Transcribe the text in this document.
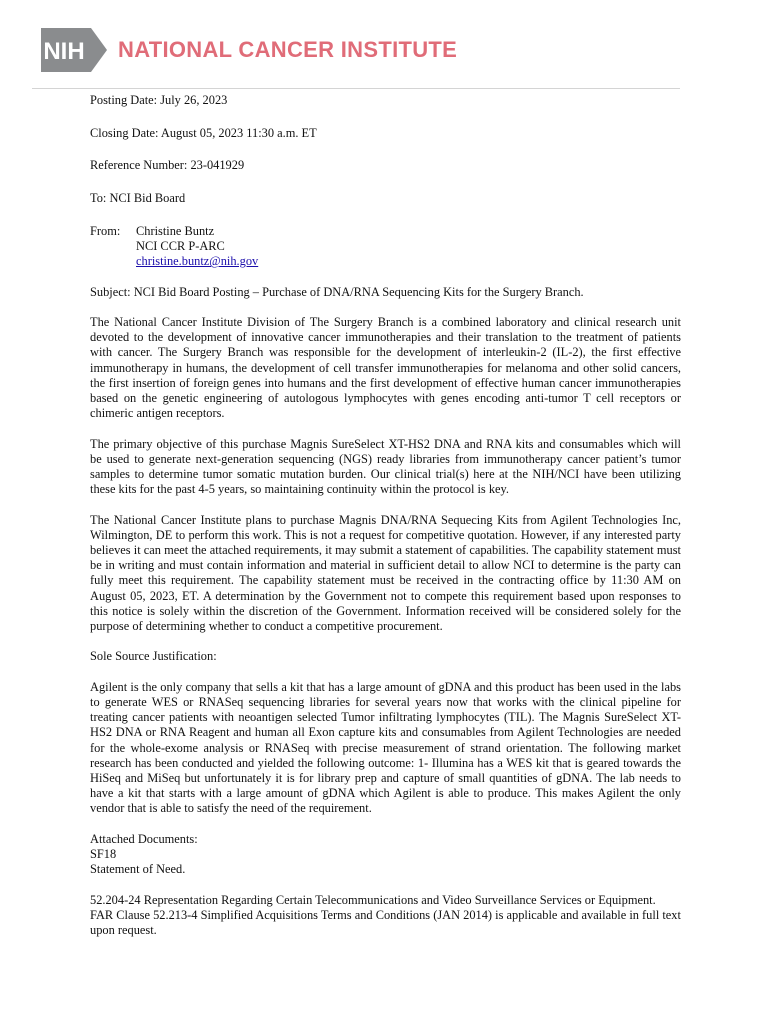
NIH NATIONAL CANCER INSTITUTE
Posting Date: July 26, 2023
Closing Date: August 05, 2023 11:30 a.m. ET
Reference Number: 23-041929
To: NCI Bid Board
From:	Christine Buntz
NCI CCR P-ARC
christine.buntz@nih.gov
Subject: NCI Bid Board Posting – Purchase of DNA/RNA Sequencing Kits for the Surgery Branch.

The National Cancer Institute Division of The Surgery Branch is a combined laboratory and clinical research unit devoted to the development of innovative cancer immunotherapies and their translation to the treatment of patients with cancer. The Surgery Branch was responsible for the development of interleukin-2 (IL-2), the first effective immunotherapy in humans, the development of cell transfer immunotherapies for melanoma and other solid cancers, the first insertion of foreign genes into humans and the first development of effective human cancer immunotherapies based on the genetic engineering of autologous lymphocytes with genes encoding anti-tumor T cell receptors or chimeric antigen receptors.

The primary objective of this purchase Magnis SureSelect XT-HS2 DNA and RNA kits and consumables which will be used to generate next-generation sequencing (NGS) ready libraries from immunotherapy cancer patient’s tumor samples to determine tumor somatic mutation burden. Our clinical trial(s) here at the NIH/NCI have been utilizing these kits for the past 4-5 years, so maintaining continuity within the protocol is key.

The National Cancer Institute plans to purchase Magnis DNA/RNA Sequecing Kits from Agilent Technologies Inc, Wilmington, DE to perform this work. This is not a request for competitive quotation. However, if any interested party believes it can meet the attached requirements, it may submit a statement of capabilities. The capability statement must be in writing and must contain information and material in sufficient detail to allow NCI to determine is the party can fully meet this requirement. The capability statement must be received in the contracting office by 11:30 AM on August 05, 2023, ET. A determination by the Government not to compete this requirement based upon responses to this notice is solely within the discretion of the Government. Information received will be considered solely for the purpose of determining whether to conduct a competitive procurement.

Sole Source Justification:

Agilent is the only company that sells a kit that has a large amount of gDNA and this product has been used in the labs to generate WES or RNASeq sequencing libraries for several years now that works with the clinical pipeline for treating cancer patients with neoantigen selected Tumor infiltrating lymphocytes (TIL). The Magnis SureSelect XT-HS2 DNA or RNA Reagent and human all Exon capture kits and consumables from Agilent Technologies are needed for the whole-exome analysis or RNASeq with precise measurement of strand orientation. The following market research has been conducted and yielded the following outcome: 1- Illumina has a WES kit that is geared towards the HiSeq and MiSeq but unfortunately it is for library prep and capture of small quantities of gDNA. The lab needs to have a kit that starts with a large amount of gDNA which Agilent is able to produce. This makes Agilent the only vendor that is able to satisfy the need of the requirement.

Attached Documents:

SF18

Statement of Need.

52.204-24 Representation Regarding Certain Telecommunications and Video Surveillance Services or Equipment.

FAR Clause 52.213-4 Simplified Acquisitions Terms and Conditions (JAN 2014) is applicable and available in full text upon request.
